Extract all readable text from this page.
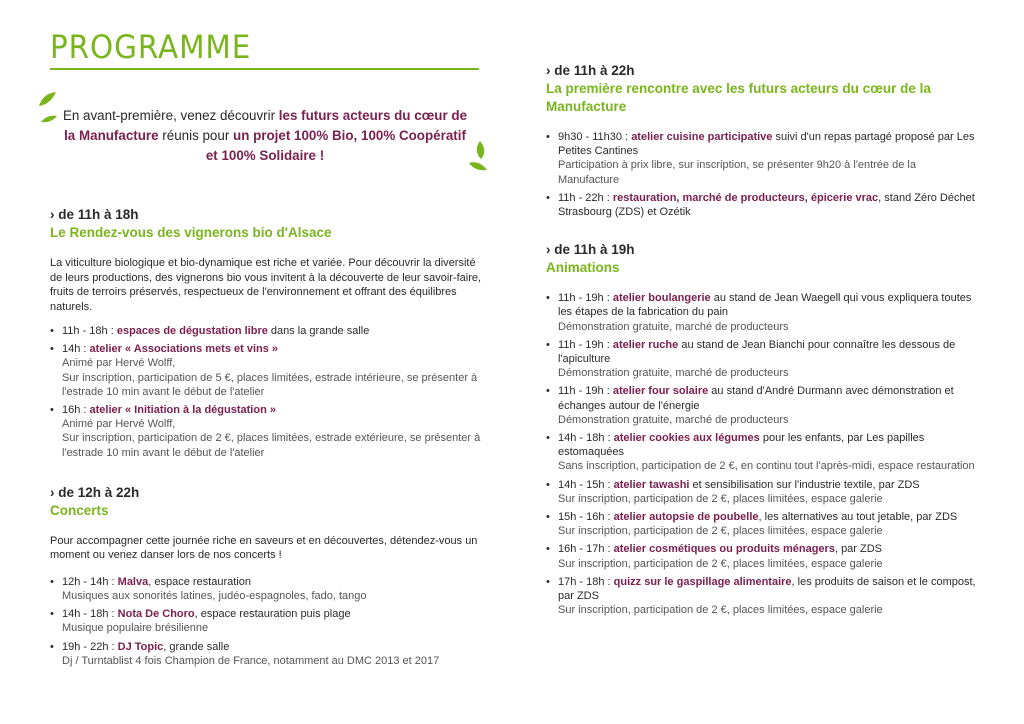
PROGRAMME
En avant-première, venez découvrir les futurs acteurs du cœur de la Manufacture réunis pour un projet 100% Bio, 100% Coopératif et 100% Solidaire !

› de 11h à 18h

Le Rendez-vous des vignerons bio d'Alsace

La viticulture biologique et bio-dynamique est riche et variée. Pour découvrir la diversité de leurs productions, des vignerons bio vous invitent à la découverte de leur savoir-faire, fruits de terroirs préservés, respectueux de l'environnement et offrant des équilibres naturels.

• 11h - 18h : espaces de dégustation libre dans la grande salle
• 14h : atelier « Associations mets et vins »
Animé par Hervé Wolff,
Sur inscription, participation de 5 €, places limitées, estrade intérieure, se présenter à l'estrade 10 min avant le début de l'atelier
• 16h : atelier « Initiation à la dégustation »
Animé par Hervé Wolff,
Sur inscription, participation de 2 €, places limitées, estrade extérieure, se présenter à l'estrade 10 min avant le début de l'atelier

› de 12h à 22h

Concerts

Pour accompagner cette journée riche en saveurs et en découvertes, détendez-vous un moment ou venez danser lors de nos concerts !

• 12h - 14h : Malva, espace restauration
Musiques aux sonorités latines, judéo-espagnoles, fado, tango
• 14h - 18h : Nota De Choro, espace restauration puis plage
Musique populaire brésilienne
• 19h - 22h : DJ Topic, grande salle
Dj / Turntablist 4 fois Champion de France, notamment au DMC 2013 et 2017

› de 11h à 22h

La première rencontre avec les futurs acteurs du cœur de la Manufacture

• 9h30 - 11h30 : atelier cuisine participative suivi d'un repas partagé proposé par Les Petites Cantines
Participation à prix libre, sur inscription, se présenter 9h20 à l'entrée de la Manufacture
• 11h - 22h : restauration, marché de producteurs, épicerie vrac, stand Zéro Déchet Strasbourg (ZDS) et Ozétik

› de 11h à 19h

Animations

• 11h - 19h : atelier boulangerie au stand de Jean Waegell qui vous expliquera toutes les étapes de la fabrication du pain
Démonstration gratuite, marché de producteurs
• 11h - 19h : atelier ruche au stand de Jean Bianchi pour connaître les dessous de l'apiculture
Démonstration gratuite, marché de producteurs
• 11h - 19h : atelier four solaire au stand d'André Durmann avec démonstration et échanges autour de l'énergie
Démonstration gratuite, marché de producteurs
• 14h - 18h : atelier cookies aux légumes pour les enfants, par Les papilles estomaquées
Sans inscription, participation de 2 €, en continu tout l'après-midi, espace restauration
• 14h - 15h : atelier tawashi et sensibilisation sur l'industrie textile, par ZDS
Sur inscription, participation de 2 €, places limitées, espace galerie
• 15h - 16h : atelier autopsie de poubelle, les alternatives au tout jetable, par ZDS
Sur inscription, participation de 2 €, places limitées, espace galerie
• 16h - 17h : atelier cosmétiques ou produits ménagers, par ZDS
Sur inscription, participation de 2 €, places limitées, espace galerie
• 17h - 18h : quizz sur le gaspillage alimentaire, les produits de saison et le compost, par ZDS
Sur inscription, participation de 2 €, places limitées, espace galerie
